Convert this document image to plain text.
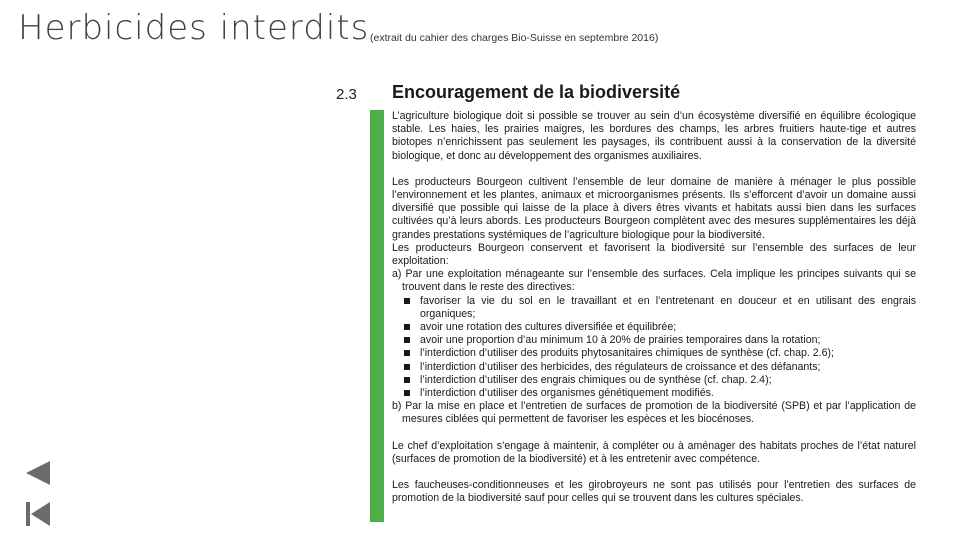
Herbicides interdits (extrait du cahier des charges Bio-Suisse en septembre 2016)
2.3 Encouragement de la biodiversité

L’agriculture biologique doit si possible se trouver au sein d’un écosystème diversifié en équilibre écologique stable. Les haies, les prairies maigres, les bordures des champs, les arbres fruitiers haute-tige et autres biotopes n’enrichissent pas seulement les paysages, ils contribuent aussi à la conservation de la diversité biologique, et donc au développement des organismes auxiliaires.

Les producteurs Bourgeon cultivent l’ensemble de leur domaine de manière à ménager le plus possible l’environnement et les plantes, animaux et microorganismes présents. Ils s’efforcent d’avoir un domaine aussi diversifié que possible qui laisse de la place à divers êtres vivants et habitats aussi bien dans les surfaces cultivées qu’à leurs abords. Les producteurs Bourgeon complètent avec des mesures supplémentaires les déjà grandes prestations systémiques de l’agriculture biologique pour la biodiversité.

Les producteurs Bourgeon conservent et favorisent la biodiversité sur l’ensemble des surfaces de leur exploitation:

a) Par une exploitation ménageante sur l’ensemble des surfaces. Cela implique les principes suivants qui se trouvent dans le reste des directives:

favoriser la vie du sol en le travaillant et en l’entretenant en douceur et en utilisant des engrais organiques;
avoir une rotation des cultures diversifiée et équilibrée;
avoir une proportion d’au minimum 10 à 20% de prairies temporaires dans la rotation;
l’interdiction d’utiliser des produits phytosanitaires chimiques de synthèse (cf. chap. 2.6);
l’interdiction d’utiliser des herbicides, des régulateurs de croissance et des défanants;
l’interdiction d’utiliser des engrais chimiques ou de synthèse (cf. chap. 2.4);
l’interdiction d’utiliser des organismes génétiquement modifiés.

b) Par la mise en place et l’entretien de surfaces de promotion de la biodiversité (SPB) et par l’application de mesures ciblées qui permettent de favoriser les espèces et les biocénoses.

Le chef d’exploitation s’engage à maintenir, à compléter ou à aménager des habitats proches de l’état naturel (surfaces de promotion de la biodiversité) et à les entretenir avec compétence.

Les faucheuses-conditionneuses et les girobroyeurs ne sont pas utilisés pour l’entretien des surfaces de promotion de la biodiversité sauf pour celles qui se trouvent dans les cultures spéciales.
